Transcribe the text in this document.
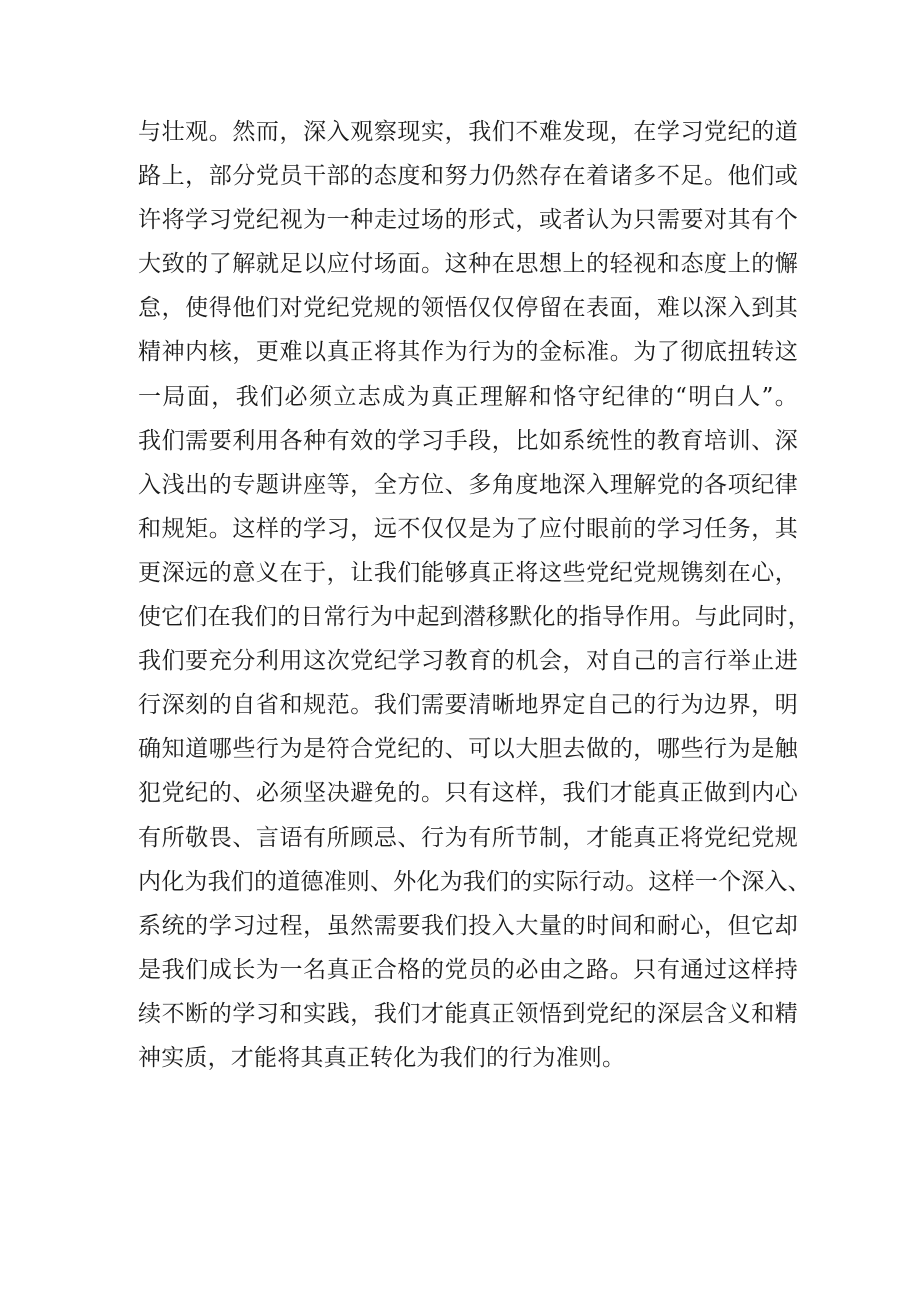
与壮观。然而，深入观察现实，我们不难发现，在学习党纪的道
路上，部分党员干部的态度和努力仍然存在着诸多不足。他们或
许将学习党纪视为一种走过场的形式，或者认为只需要对其有个
大致的了解就足以应付场面。这种在思想上的轻视和态度上的懈
怠，使得他们对党纪党规的领悟仅仅停留在表面，难以深入到其
精神内核，更难以真正将其作为行为的金标准。为了彻底扭转这
一局面，我们必须立志成为真正理解和恪守纪律的“明白人”。
我们需要利用各种有效的学习手段，比如系统性的教育培训、深
入浅出的专题讲座等，全方位、多角度地深入理解党的各项纪律
和规矩。这样的学习，远不仅仅是为了应付眼前的学习任务，其
更深远的意义在于，让我们能够真正将这些党纪党规镌刻在心，
使它们在我们的日常行为中起到潜移默化的指导作用。与此同时，
我们要充分利用这次党纪学习教育的机会，对自己的言行举止进
行深刻的自省和规范。我们需要清晰地界定自己的行为边界，明
确知道哪些行为是符合党纪的、可以大胆去做的，哪些行为是触
犯党纪的、必须坚决避免的。只有这样，我们才能真正做到内心
有所敬畏、言语有所顾忌、行为有所节制，才能真正将党纪党规
内化为我们的道德准则、外化为我们的实际行动。这样一个深入、
系统的学习过程，虽然需要我们投入大量的时间和耐心，但它却
是我们成长为一名真正合格的党员的必由之路。只有通过这样持
续不断的学习和实践，我们才能真正领悟到党纪的深层含义和精
神实质，才能将其真正转化为我们的行为准则。
